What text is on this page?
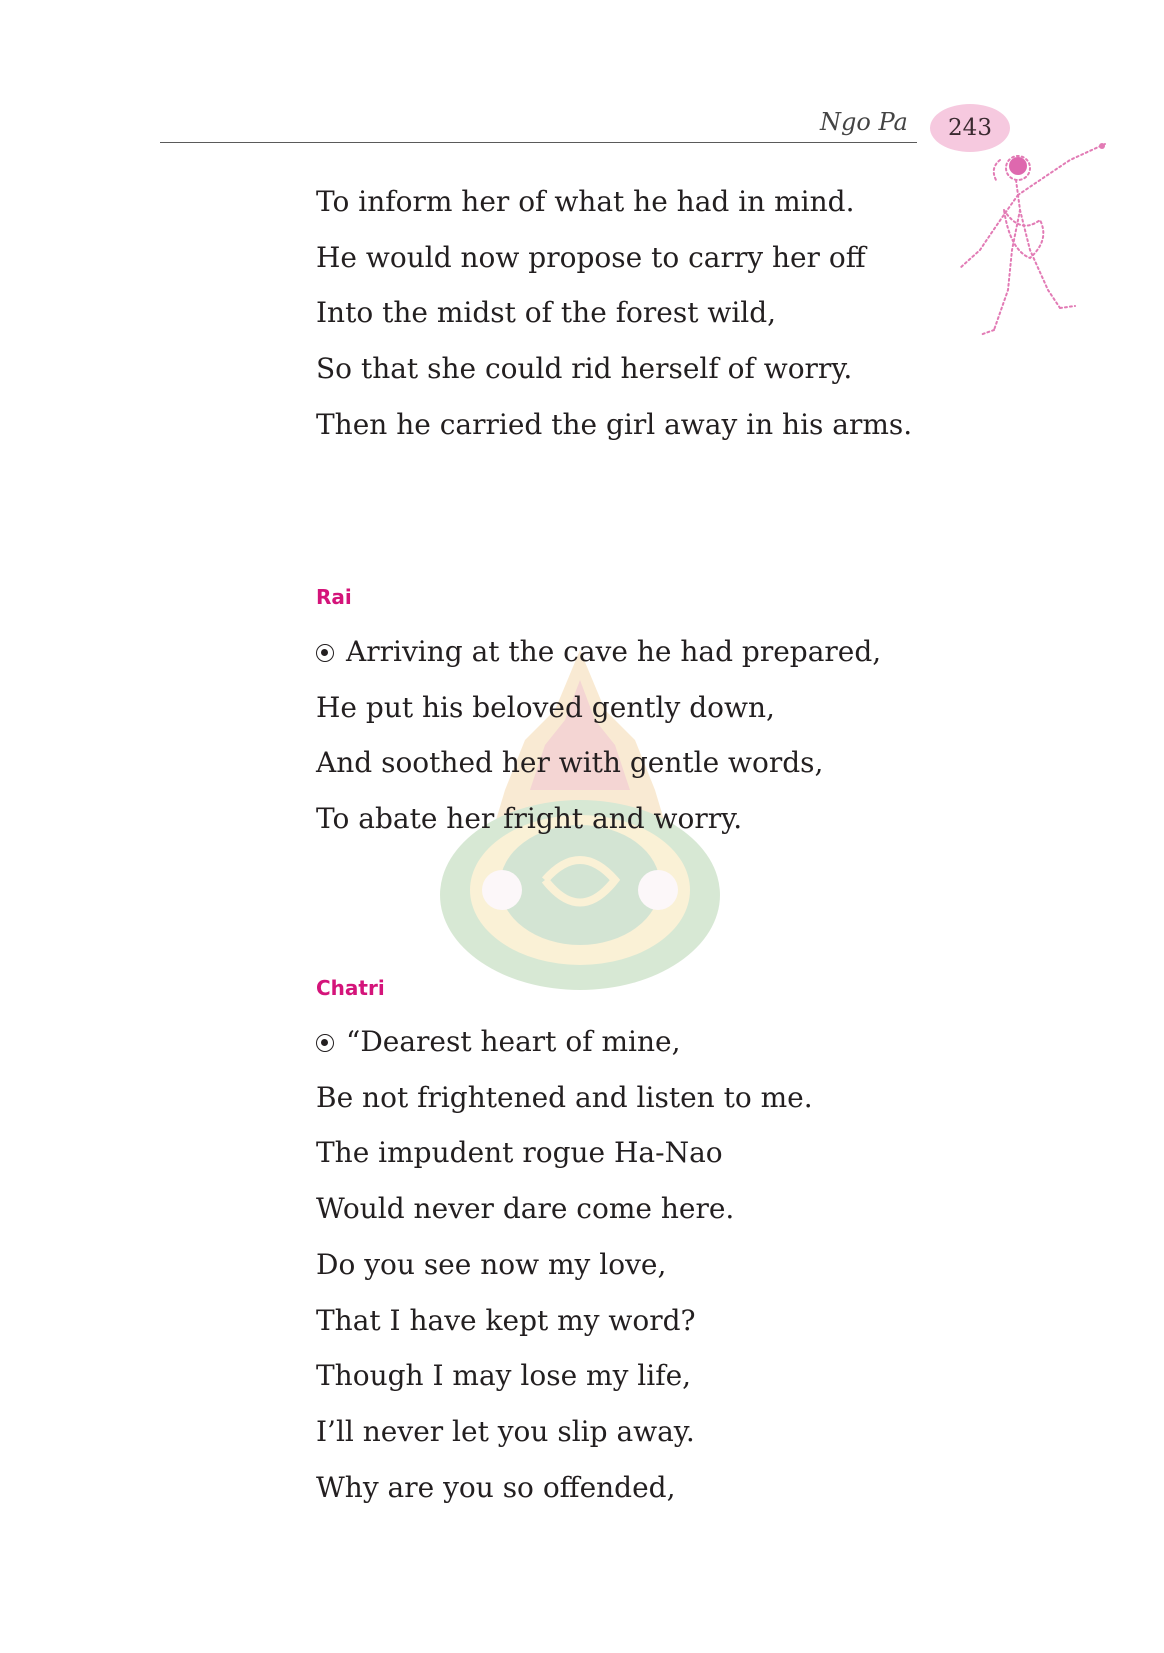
Ngo Pa	243
To inform her of what he had in mind.
He would now propose to carry her off
Into the midst of the forest wild,
So that she could rid herself of worry.
Then he carried the girl away in his arms.
Rai
Arriving at the cave he had prepared,
He put his beloved gently down,
And soothed her with gentle words,
To abate her fright and worry.
Chatri
“Dearest heart of mine,
Be not frightened and listen to me.
The impudent rogue Ha-Nao
Would never dare come here.
Do you see now my love,
That I have kept my word?
Though I may lose my life,
I’ll never let you slip away.
Why are you so offended,
